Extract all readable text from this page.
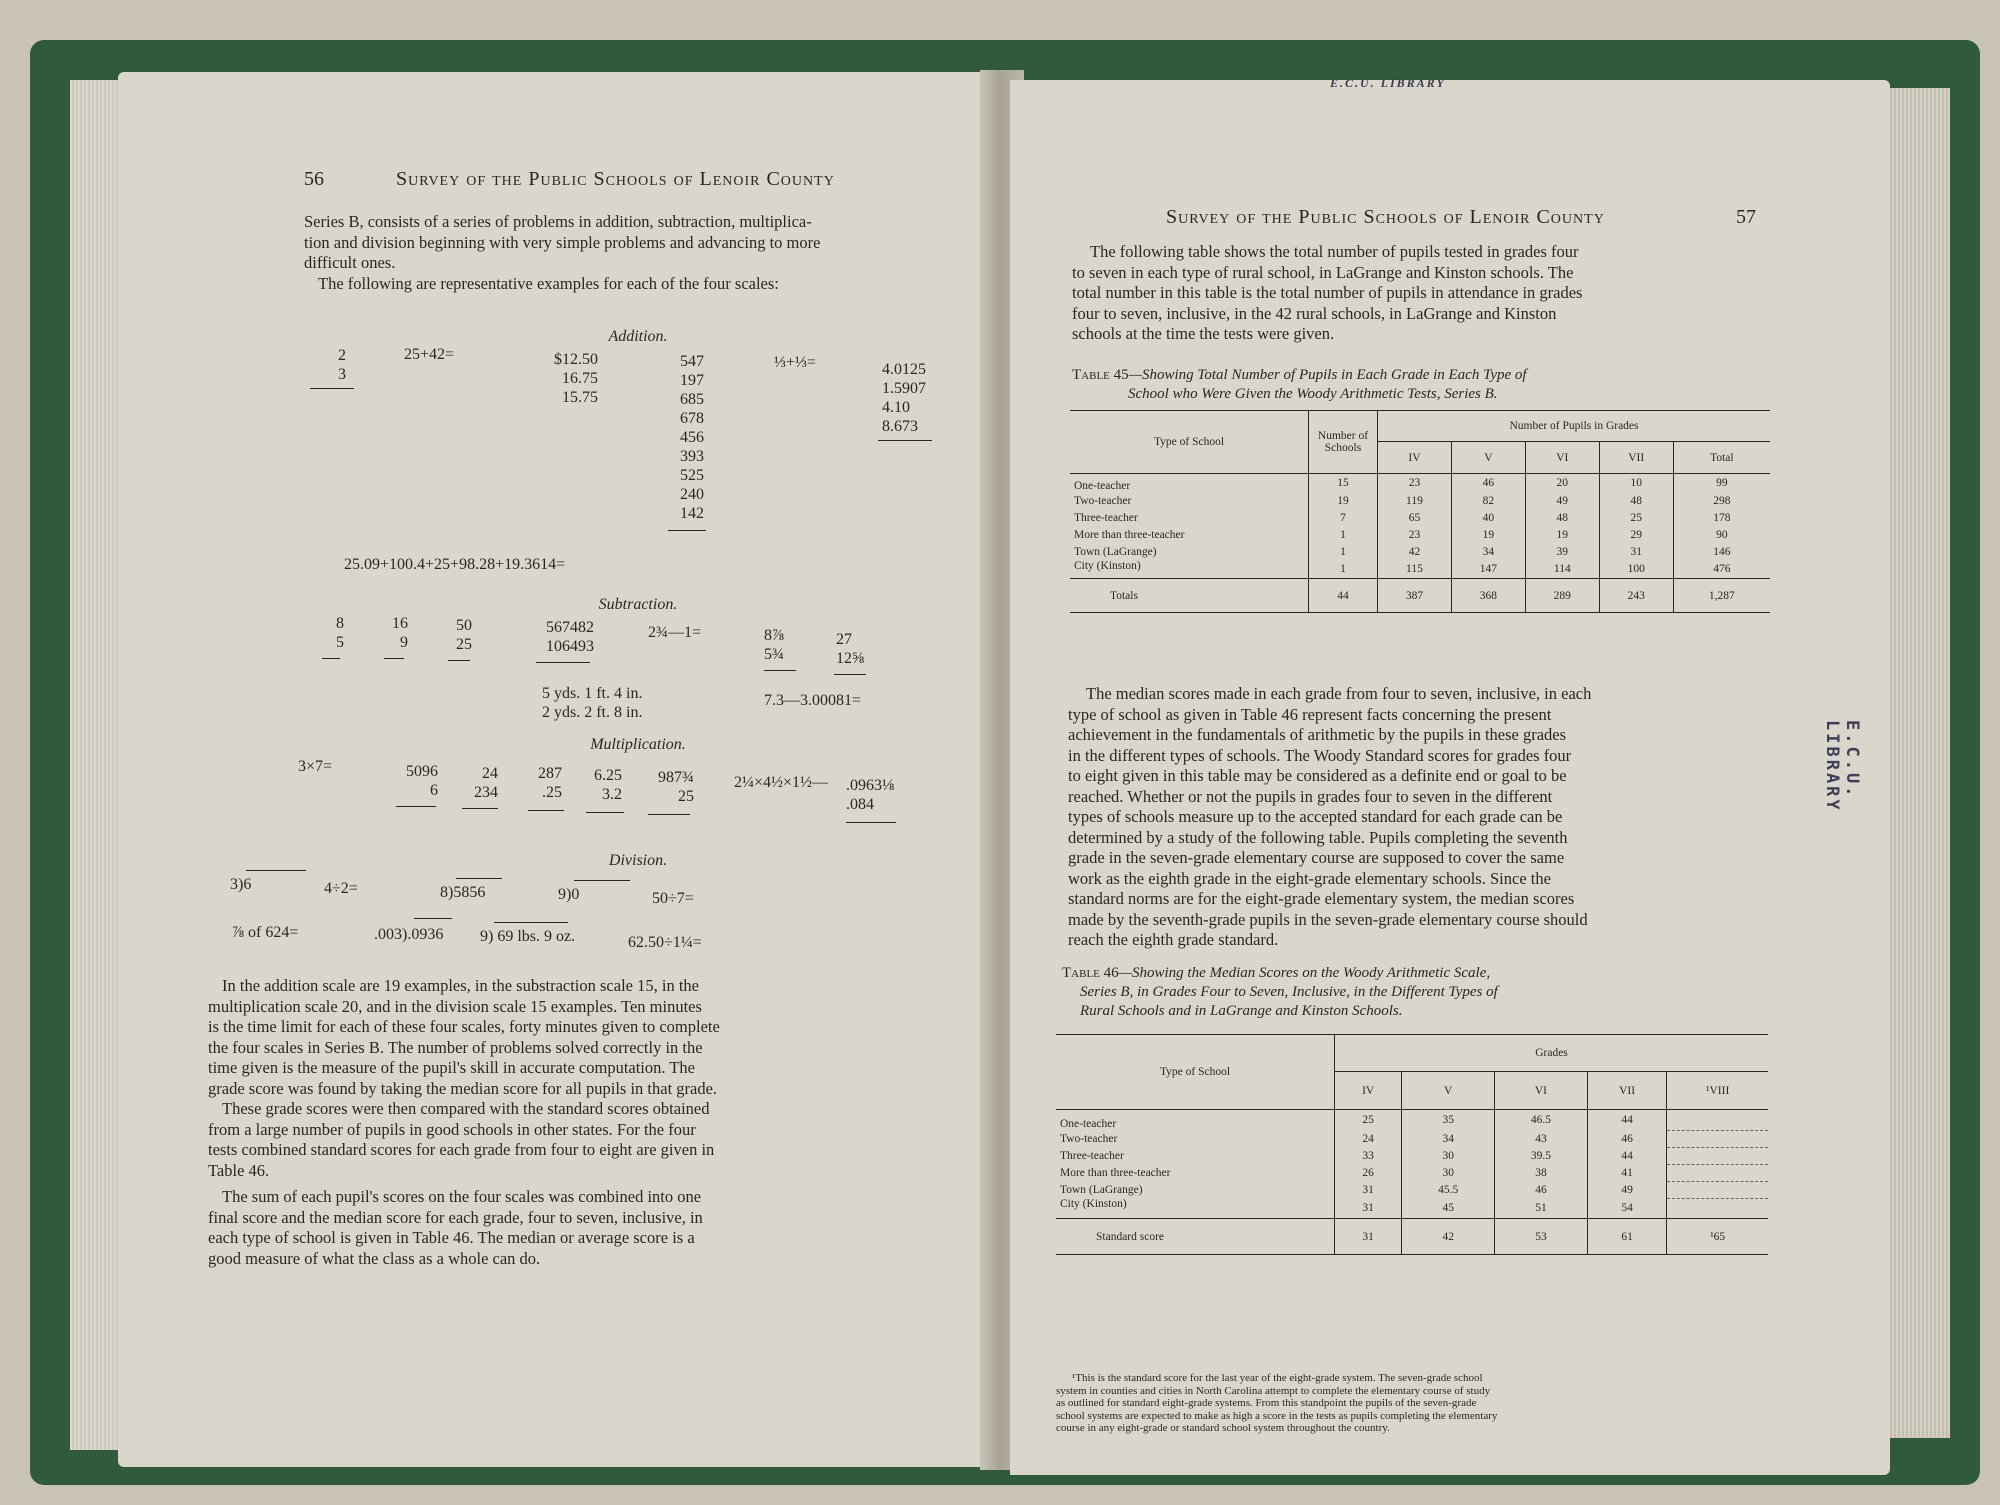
56	Survey of the Public Schools of Lenoir County
Series B, consists of a series of problems in addition, subtraction, multiplica-
tion and division beginning with very simple problems and advancing to more
difficult ones.
The following are representative examples for each of the four scales:
Addition.
2
3
25+42=	$12.50
16.75
15.75
547
197
685
678
456
393
525
240
142
⅓+⅓=	4.0125
1.5907
4.10
8.673
25.09+100.4+25+98.28+19.3614=
Subtraction.
8
5
16
9
50
25
567482
106493
2¾—1=	8⅞
5¾
27
12⅝
5 yds. 1 ft. 4 in.
2 yds. 2 ft. 8 in.
7.3—3.00081=
Multiplication.
3×7=	5096
6
24
234
287
.25
6.25
3.2
987¾
25
2¼×4½×1½— .0963⅛
.084
Division.
3)6	4÷2=	8)5856	9)0	50÷7=
⅞ of 624=	.003).0936 9) 69 lbs. 9 oz.	62.50÷1¼=
In the addition scale are 19 examples, in the substraction scale 15, in the
multiplication scale 20, and in the division scale 15 examples. Ten minutes
is the time limit for each of these four scales, forty minutes given to complete
the four scales in Series B. The number of problems solved correctly in the
time given is the measure of the pupil's skill in accurate computation. The
grade score was found by taking the median score for all pupils in that grade.
These grade scores were then compared with the standard scores obtained
from a large number of pupils in good schools in other states. For the four
tests combined standard scores for each grade from four to eight are given in
Table 46.
The sum of each pupil's scores on the four scales was combined into one
final score and the median score for each grade, four to seven, inclusive, in
each type of school is given in Table 46. The median or average score is a
good measure of what the class as a whole can do.
Survey of the Public Schools of Lenoir County	57
The following table shows the total number of pupils tested in grades four
to seven in each type of rural school, in LaGrange and Kinston schools. The
total number in this table is the total number of pupils in attendance in grades
four to seven, inclusive, in the 42 rural schools, in LaGrange and Kinston
schools at the time the tests were given.
Table 45—Showing Total Number of Pupils in Each Grade in Each Type of
School who Were Given the Woody Arithmetic Tests, Series B.
Type of School	Number of Schools	Number of Pupils in Grades				
		IV	V	VI	VII	Total
One-teacher	15	23	46	20	10	99
Two-teacher	19	119	82	49	48	298
Three-teacher	7	65	40	48	25	178
More than three-teacher	1	23	19	19	29	90
Town (LaGrange)	1	42	34	39	31	146
City (Kinston)	1	115	147	114	100	476
Totals	44	387	368	289	243	1,287
The median scores made in each grade from four to seven, inclusive, in each
type of school as given in Table 46 represent facts concerning the present
achievement in the fundamentals of arithmetic by the pupils in these grades
in the different types of schools. The Woody Standard scores for grades four
to eight given in this table may be considered as a definite end or goal to be
reached. Whether or not the pupils in grades four to seven in the different
types of schools measure up to the accepted standard for each grade can be
determined by a study of the following table. Pupils completing the seventh
grade in the seven-grade elementary course are supposed to cover the same
work as the eighth grade in the eight-grade elementary schools. Since the
standard norms are for the eight-grade elementary system, the median scores
made by the seventh-grade pupils in the seven-grade elementary course should
reach the eighth grade standard.
Table 46—Showing the Median Scores on the Woody Arithmetic Scale,
Series B, in Grades Four to Seven, Inclusive, in the Different Types of
Rural Schools and in LaGrange and Kinston Schools.
Type of School	Grades				
	IV	V	VI	VII	¹VIII
One-teacher	25	35	46.5	44	
Two-teacher	24	34	43	46	
Three-teacher	33	30	39.5	44	
More than three-teacher	26	30	38	41	
Town (LaGrange)	31	45.5	46	49	
City (Kinston)	31	45	51	54	
Standard score	31	42	53	61	¹65
¹This is the standard score for the last year of the eight-grade system. The seven-grade school
system in counties and cities in North Carolina attempt to complete the elementary course of study
as outlined for standard eight-grade systems. From this standpoint the pupils of the seven-grade
school systems are expected to make as high a score in the tests as pupils completing the elementary
course in any eight-grade or standard school system throughout the country.
E.C.U. LIBRARY
E.C.U. LIBRARY
